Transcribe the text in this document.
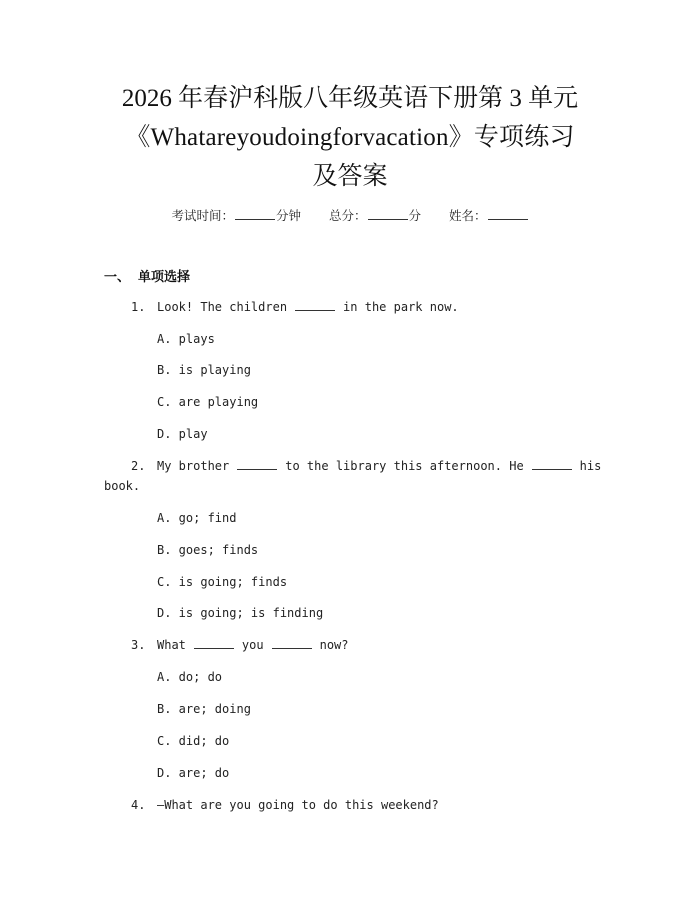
2026 年春沪科版八年级英语下册第 3 单元
《Whatareyoudoingforvacation》专项练习
及答案
考试时间：	分钟 总分：	分 姓名：
一、 单项选择
1. Look! The children	in the park now.
A. plays
B. is playing
C. are playing
D. play
2. My brother	to the library this afternoon. He	his
book.
A. go; find
B. goes; finds
C. is going; finds
D. is going; is finding
3. What	you	now?
A. do; do
B. are; doing
C. did; do
D. are; do
4. —What are you going to do this weekend?
